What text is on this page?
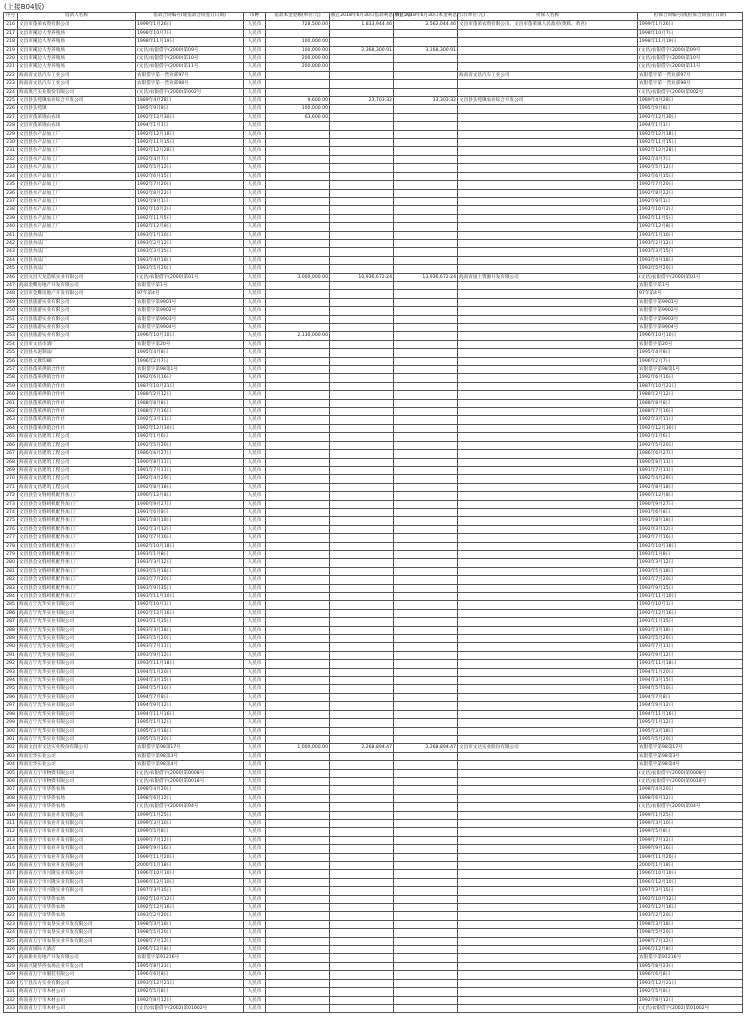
(上接B04版)
序号	借款人名称	借款合同编号(或借款合同签订日期)	币种	借款本金金额(单位:元)	截止2018年6月30日借款利息(单位:元)	截止2018年6月30日本金利息合计(单位:元)	担保人名称	担保合同编号(或担保合同签订日期)
216	文昌市蓬莱农资有限公司	1999年1月26日	人民币	728,500.00	1,833,944.46	2,562,044.46	文昌市蓬莱农资有限公司、文昌市蓬莱镇人民政府(黄辉、黄君)	1999年1月26日
217	文昌市溪边人寿养殖场	1998年10月7日	人民币					1998年10月7日
218	文昌市溪边人寿养殖场	1998年11月19日	人民币	100,000.00				1998年11月19日
219	文昌市溪边人寿养殖场	(文昌)农银借字(2000)第09号	人民币	100,000.00	2,368,300.91	3,168,300.91		(文昌)农银借字(2000)第09号
220	文昌市溪边人寿养殖场	(文昌)农银借字(2000)第10号	人民币	200,000.00				(文昌)农银借字(2000)第10号
221	文昌市溪边人寿养殖场	(文昌)农银借字(2000)第11号	人民币	200,000.00				(文昌)农银借字(2000)第11号
222	海南省文昌汽车工业公司	农银借字第一营业部97号	人民币				海南省文昌汽车工业公司	农银借字第一营业部97号
223	海南省文昌汽车工业公司	农银借字第一营业部98号	人民币					农银借字第一营业部98号
224	海南奥吉实业股份有限公司	(文昌)农银借字(2000)第002号	人民币					(文昌)农银借字(2000)第002号
225	文昌县头苑镇农业综合开发公司	1989年4月28日	人民币	9,600.00	23,703.32	33,303.32	文昌县头苑镇农业综合开发公司	1989年4月28日
226	文昌县头苑镇	1995年9月8日	人民币	100,000.00				1995年9月8日
227	文昌市蓬莱锦山农场	1992年12月30日	人民币	63,600.00				1992年12月30日
228	文昌市蓬莱锦山农场	1994年1月1日	人民币					1994年1月1日
229	文昌县水产品加工厂	1992年12月18日	人民币					1992年12月18日
230	文昌县水产品加工厂	1992年11月15日	人民币					1992年11月15日
231	文昌县水产品加工厂	1992年12月28日	人民币					1992年12月28日
232	文昌县水产品加工厂	1992年4月7日	人民币					1992年4月7日
233	文昌县水产品加工厂	1992年5月12日	人民币					1992年5月12日
234	文昌县水产品加工厂	1992年6月15日	人民币					1992年6月15日
235	文昌县水产品加工厂	1992年7月20日	人民币					1992年7月20日
236	文昌县水产品加工厂	1992年8月22日	人民币					1992年8月22日
237	文昌县水产品加工厂	1992年9月1日	人民币					1992年9月1日
238	文昌县水产品加工厂	1992年10月2日	人民币					1992年10月2日
239	文昌县水产品加工厂	1992年11月5日	人民币					1992年11月5日
240	文昌县水产品加工厂	1992年12月8日	人民币					1992年12月8日
241	文昌县食品厂	1993年1月10日	人民币					1993年1月10日
242	文昌县食品厂	1993年2月12日	人民币					1993年2月12日
243	文昌县食品厂	1993年3月15日	人民币					1993年3月15日
244	文昌县食品厂	1993年4月18日	人民币					1993年4月18日
245	文昌县食品厂	1993年5月20日	人民币					1993年5月20日
246	文昌文昌天龙造纸实业有限公司	(文昌)农银借字(2000)第01号	人民币	3,000,000.00	10,936,672.24	13,936,672.24	海南省国土资源开发有限公司	(文昌)农银借字(2000)第01号
247	海南金鹰房地产开发有限公司	农银借字第1号	人民币					农银借字第1号
248	文昌市金鹰房地产开发有限公司	97年第4号	人民币					97年第4号
249	文昌县旅游实业有限公司	农银借字第9901号	人民币					农银借字第9901号
250	文昌县旅游实业有限公司	农银借字第9902号	人民币					农银借字第9902号
251	文昌县旅游实业有限公司	农银借字第9903号	人民币					农银借字第9903号
252	文昌县旅游实业有限公司	农银借字第9904号	人民币					农银借字第9904号
253	文昌县旅游实业有限公司	1996年10月10日	人民币	2,130,000.00				1996年10月10日
254	文昌市文昌市酒厂	农银借字第20号	人民币					农银借字第20号
255	文昌县水泥制品厂	1995年4月8日	人民币					1995年4月8日
256	文昌县文教印刷厂	1996年2月7日	人民币					1996年2月7日
257	文昌县蓬莱供销合作社	农银借字第98第1号	人民币					农银借字第98第1号
258	文昌县蓬莱供销合作社	1992年6月16日	人民币					1992年6月16日
259	文昌县蓬莱供销合作社	1987年10月21日	人民币					1987年10月21日
260	文昌县蓬莱供销合作社	1988年2月12日	人民币					1988年2月12日
261	文昌县蓬莱供销合作社	1988年8月8日	人民币					1988年8月8日
262	文昌县蓬莱供销合作社	1988年7月16日	人民币					1988年7月16日
263	文昌县蓬莱供销合作社	1992年3月11日	人民币					1992年3月11日
264	文昌县蓬莱供销合作社	1992年12月30日	人民币					1992年12月30日
265	海南省文昌建筑工程公司	1992年1月6日	人民币					1992年1月6日
266	海南省文昌建筑工程公司	1992年5月20日	人民币					1992年5月20日
267	海南省文昌建筑工程公司	1986年6月27日	人民币					1986年6月27日
268	海南省文昌建筑工程公司	1990年8月11日	人民币					1990年8月11日
269	海南省文昌建筑工程公司	1991年7月11日	人民币					1991年7月11日
270	海南省文昌建筑工程公司	1992年4月29日	人民币					1992年4月29日
271	海南省文昌建筑工程公司	1992年8月18日	人民币					1992年8月18日
272	文昌县会文缝纫机配件加工厂	1990年12月8日	人民币					1990年12月8日
273	文昌县会文缝纫机配件加工厂	1990年9月27日	人民币					1990年9月27日
274	文昌县会文缝纫机配件加工厂	1991年6月8日	人民币					1991年6月8日
275	文昌县会文缝纫机配件加工厂	1991年8月18日	人民币					1991年8月18日
276	文昌县会文缝纫机配件加工厂	1992年3月12日	人民币					1992年3月12日
277	文昌县会文缝纫机配件加工厂	1992年7月16日	人民币					1992年7月16日
278	文昌县会文缝纫机配件加工厂	1992年10月18日	人民币					1992年10月18日
279	文昌县会文缝纫机配件加工厂	1993年1月8日	人民币					1993年1月8日
280	文昌县会文缝纫机配件加工厂	1993年3月12日	人民币					1993年3月12日
281	文昌县会文缝纫机配件加工厂	1993年5月18日	人民币					1993年5月18日
282	文昌县会文缝纫机配件加工厂	1993年7月20日	人民币					1993年7月20日
283	文昌县会文缝纫机配件加工厂	1993年9月15日	人民币					1993年9月15日
284	文昌县会文缝纫机配件加工厂	1993年11月10日	人民币					1993年11月10日
285	海南万宁光华实业有限公司	1992年10月1日	人民币					1992年10月1日
286	海南万宁光华实业有限公司	1992年12月16日	人民币					1992年12月16日
287	海南万宁光华实业有限公司	1993年1月15日	人民币					1993年1月15日
288	海南万宁光华实业有限公司	1993年3月18日	人民币					1993年3月18日
289	海南万宁光华实业有限公司	1993年5月20日	人民币					1993年5月20日
290	海南万宁光华实业有限公司	1993年7月11日	人民币					1993年7月11日
291	海南万宁光华实业有限公司	1993年9月12日	人民币					1993年9月12日
292	海南万宁光华实业有限公司	1993年11月18日	人民币					1993年11月18日
293	海南万宁光华实业有限公司	1994年1月20日	人民币					1994年1月20日
294	海南万宁光华实业有限公司	1994年3月15日	人民币					1994年3月15日
295	海南万宁光华实业有限公司	1994年5月10日	人民币					1994年5月10日
296	海南万宁光华实业有限公司	1994年7月8日	人民币					1994年7月8日
297	海南万宁光华实业有限公司	1994年9月12日	人民币					1994年9月12日
298	海南万宁光华实业有限公司	1994年11月16日	人民币					1994年11月16日
299	海南万宁光华实业有限公司	1995年1月12日	人民币					1995年1月12日
300	海南万宁光华实业有限公司	1995年3月18日	人民币					1995年3月18日
301	海南万宁光华实业有限公司	1995年5月20日	人民币					1995年5月20日
302	海南文昌市文达实业股份有限公司	农银借字第98第17号	人民币	1,000,000.00	2,268,894.47	3,268,894.47	文昌市文达实业股份有限公司	农银借字第98第17号
303	海南宏华实业公司	农银借字第98第3号	人民币					农银借字第98第3号
304	海南宏华实业公司	农银借字第98第4号	人民币					农银借字第98第4号
305	海南省万宁市物资有限公司	(文昌)农银借字(2000)第0008号	人民币					(文昌)农银借字(2000)第0008号
306	海南省万宁市物资有限公司	(文昌)农银借字(2000)第0018号	人民币					(文昌)农银借字(2000)第0018号
307	海南省万宁市华侨农场	1998年4月20日	人民币					1998年4月20日
308	海南省万宁市华侨农场	1998年6月12日	人民币					1998年6月12日
309	海南省万宁市华侨农场	(文昌)农银借字(2000)第04号	人民币					(文昌)农银借字(2000)第04号
310	海南省万宁市农业开发有限公司	1999年1月25日	人民币					1999年1月25日
311	海南省万宁市农业开发有限公司	1999年3月10日	人民币					1999年3月10日
312	海南省万宁市农业开发有限公司	1999年5月8日	人民币					1999年5月8日
313	海南省万宁市农业开发有限公司	1999年7月12日	人民币					1999年7月12日
314	海南省万宁市农业开发有限公司	1999年9月16日	人民币					1999年9月16日
315	海南省万宁市农业开发有限公司	1999年11月20日	人民币					1999年11月20日
316	海南省万宁市农业开发有限公司	2000年1月18日	人民币					2000年1月18日
317	海南省万宁市兴隆实业有限公司	1996年10月10日	人民币					1996年10月10日
318	海南省万宁市兴隆实业有限公司	1996年12月10日	人民币					1996年12月10日
319	海南省万宁市兴隆实业有限公司	1997年3月15日	人民币					1997年3月15日
320	海南省万宁市华侨农场	1992年10月12日	人民币					1992年10月12日
321	海南省万宁市华侨农场	1992年12月16日	人民币					1992年12月16日
322	海南省万宁市华侨农场	1993年2月20日	人民币					1993年2月20日
323	海南省万宁市农垦实业开发有限公司	1998年3月18日	人民币					1998年3月18日
324	海南省万宁市农垦实业开发有限公司	1998年5月20日	人民币					1998年5月20日
325	海南省万宁市农垦实业开发有限公司	1998年7月12日	人民币					1998年7月12日
326	海南省国际大酒店	1996年12月8日	人民币					1996年12月8日
327	海南新业房地产开发有限公司	农银借字第91216号	人民币					农银借字第91216号
328	海南兴隆华侨农场企业开发公司	1995年8月23日	人民币					1995年8月23日
329	海南省万宁市服装有限公司	1996年6月8日	人民币					1996年6月8日
330	万宁县东方实业有限公司	1993年12月21日	人民币					1993年12月21日
331	海南省万宁市木材公司	1992年5月8日	人民币					1992年5月8日
332	海南省万宁市木材公司	1992年8月12日	人民币					1992年8月12日
333	海南省万宁市木材公司	(文昌)农银借字(2002)第01002号	人民币					(文昌)农银借字(2002)第01002号
